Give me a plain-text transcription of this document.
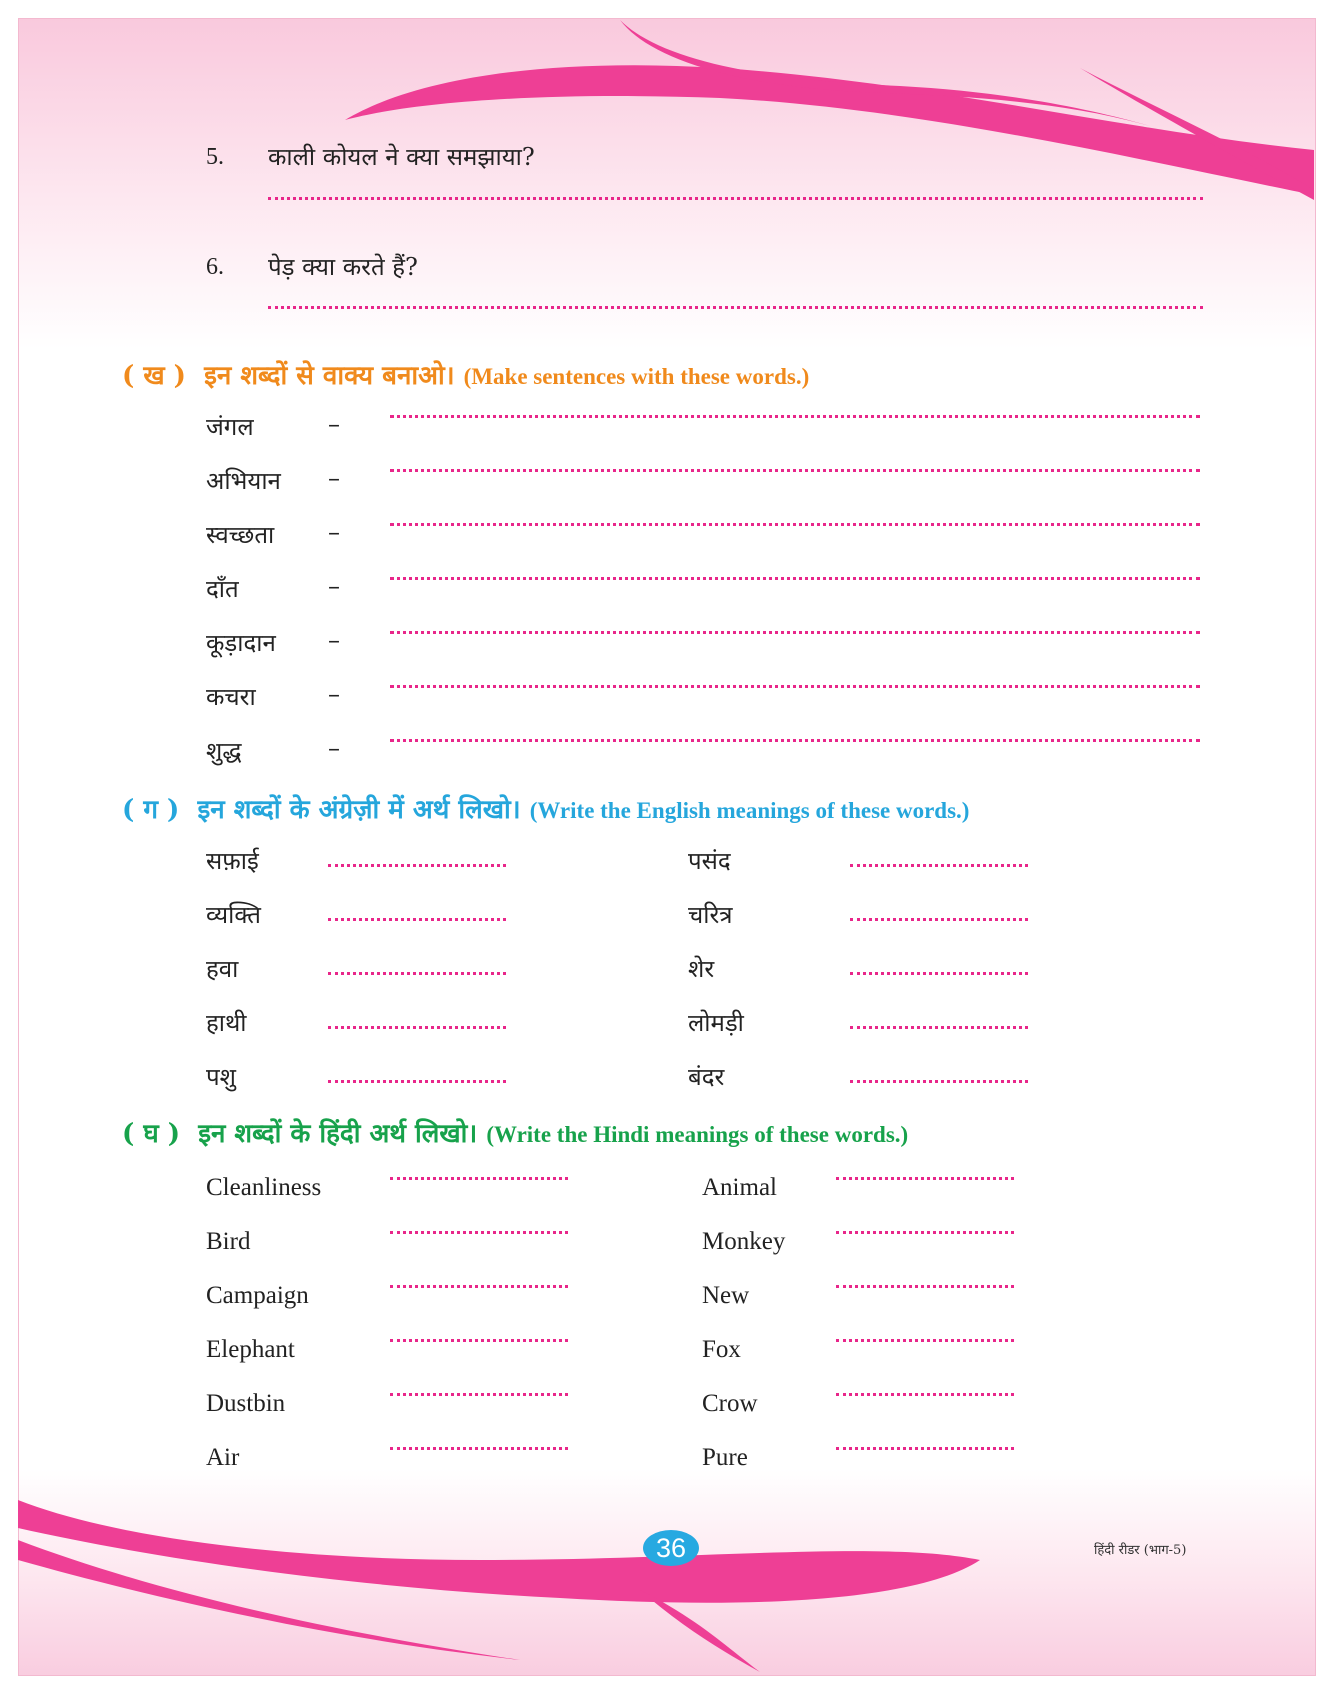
5. काली कोयल ने क्या समझाया?
6. पेड़ क्या करते हैं?
( ख ) इन शब्दों से वाक्य बनाओ। (Make sentences with these words.)
जंगल	–
अभियान –
स्वच्छता –
दाँत	–
कूड़ादान –
कचरा	–
शुद्ध	–
( ग ) इन शब्दों के अंग्रेज़ी में अर्थ लिखो। (Write the English meanings of these words.)
सफ़ाई	पसंद
व्यक्ति	चरित्र
हवा	शेर
हाथी	लोमड़ी
पशु	बंदर
( घ ) इन शब्दों के हिंदी अर्थ लिखो। (Write the Hindi meanings of these words.)
Cleanliness	Animal
Bird	Monkey
Campaign	New
Elephant	Fox
Dustbin	Crow
Air	Pure
36	हिंदी रीडर (भाग-5)
